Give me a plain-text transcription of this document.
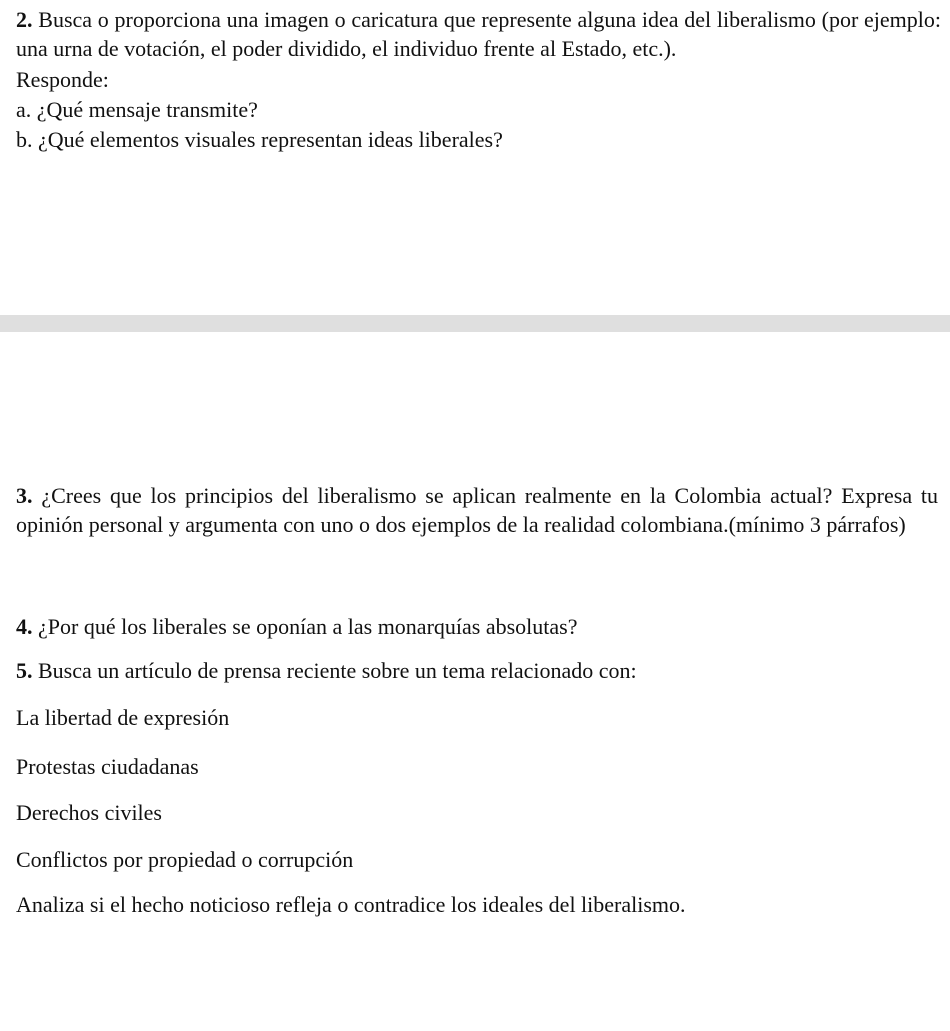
2. Busca o proporciona una imagen o caricatura que represente alguna idea del liberalismo (por ejemplo: una urna de votación, el poder dividido, el individuo frente al Estado, etc.).
Responde:
a. ¿Qué mensaje transmite?
b. ¿Qué elementos visuales representan ideas liberales?
3. ¿Crees que los principios del liberalismo se aplican realmente en la Colombia actual? Expresa tu opinión personal y argumenta con uno o dos ejemplos de la realidad colombiana.(mínimo 3 párrafos)
4. ¿Por qué los liberales se oponían a las monarquías absolutas?
5. Busca un artículo de prensa reciente sobre un tema relacionado con:
La libertad de expresión
Protestas ciudadanas
Derechos civiles
Conflictos por propiedad o corrupción
Analiza si el hecho noticioso refleja o contradice los ideales del liberalismo.
